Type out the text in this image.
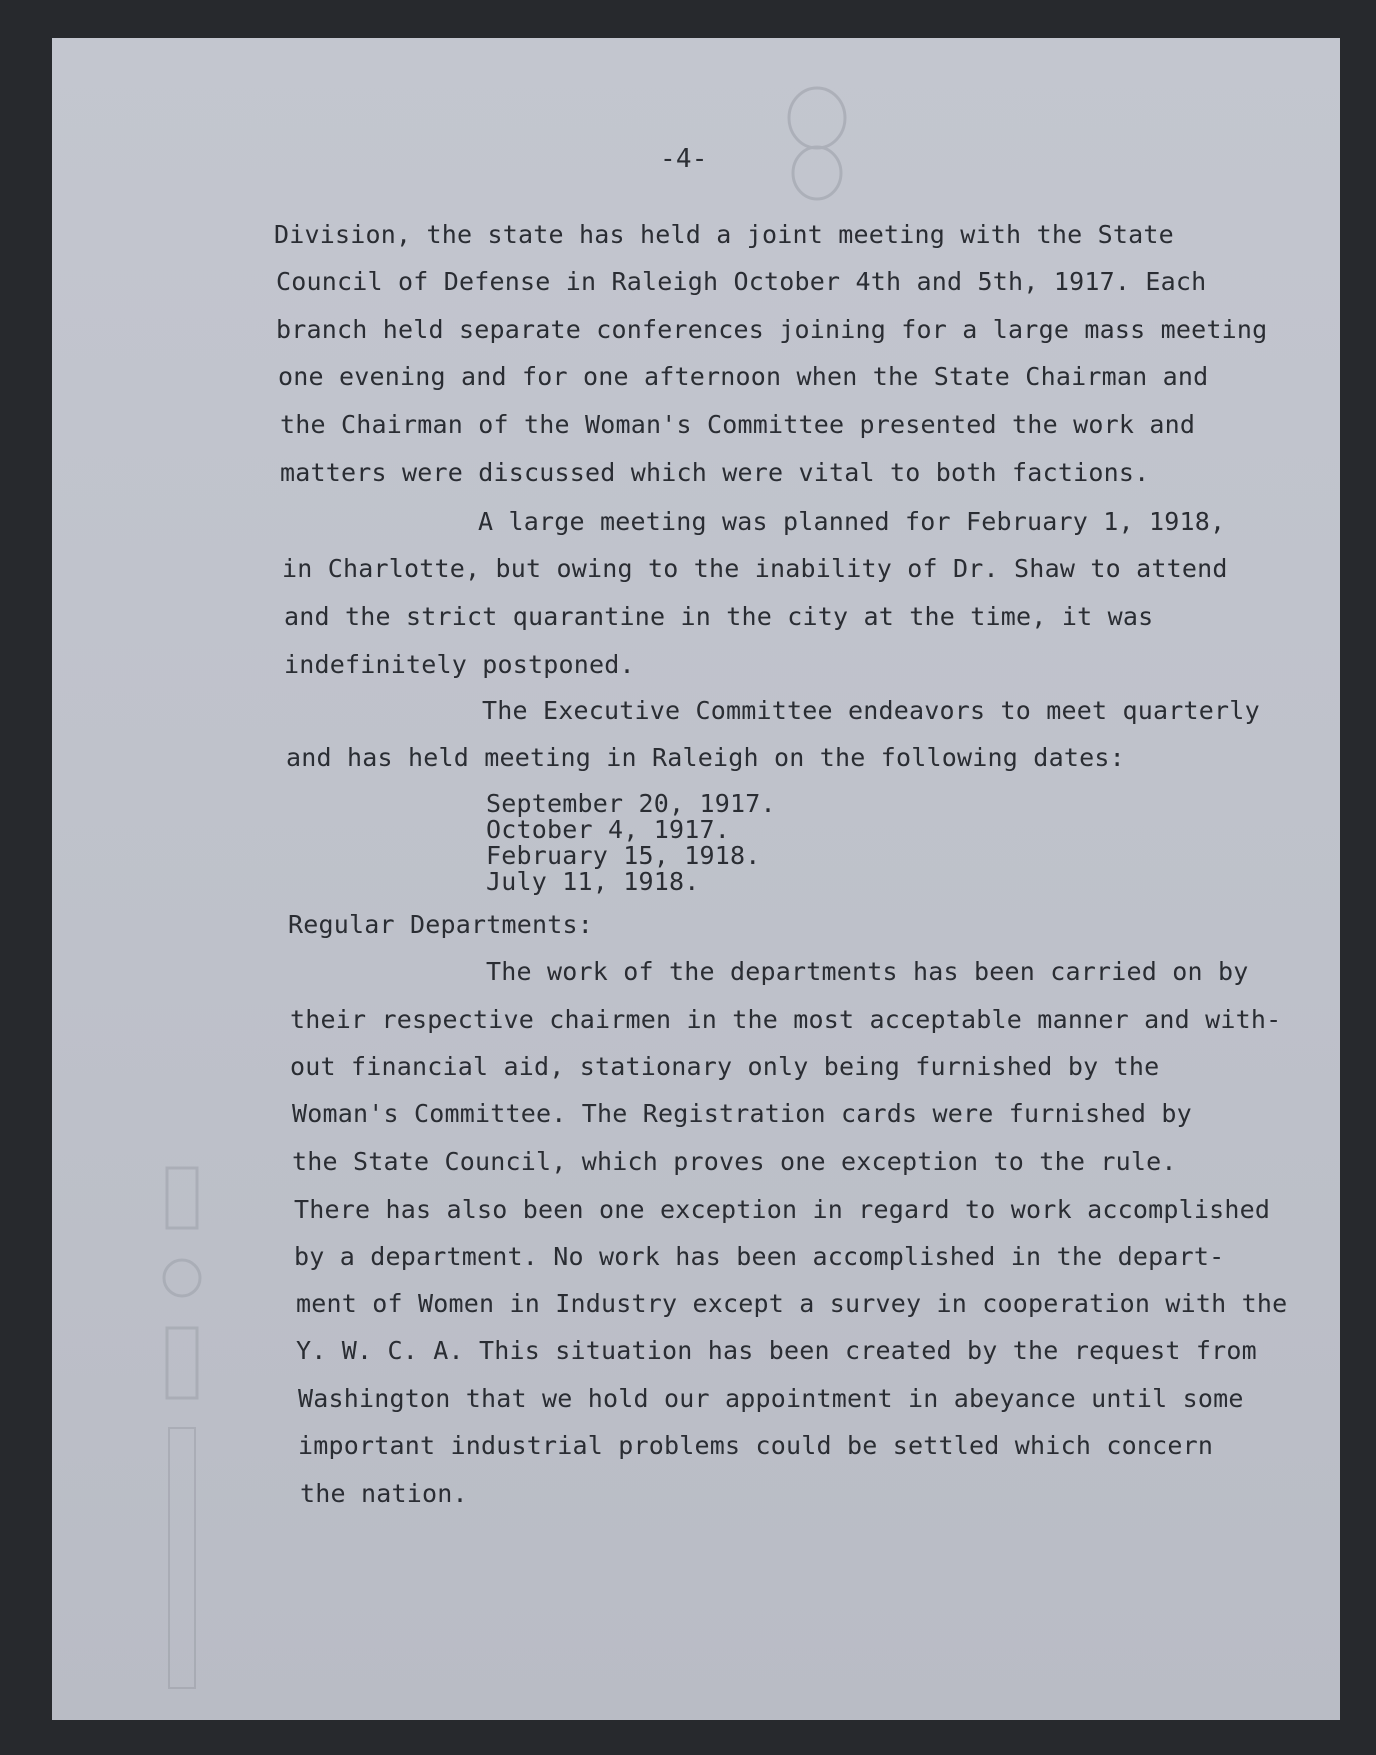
-4-
Division, the state has held a joint meeting with the State
Council of Defense in Raleigh October 4th and 5th, 1917. Each
branch held separate conferences joining for a large mass meeting
one evening and for one afternoon when the State Chairman and
the Chairman of the Woman's Committee presented the work and
matters were discussed which were vital to both factions.
A large meeting was planned for February 1, 1918,
in Charlotte, but owing to the inability of Dr. Shaw to attend
and the strict quarantine in the city at the time, it was
indefinitely postponed.
The Executive Committee endeavors to meet quarterly
and has held meeting in Raleigh on the following dates:
September 20, 1917.
October 4, 1917.
February 15, 1918.
July 11, 1918.
Regular Departments:
The work of the departments has been carried on by
their respective chairmen in the most acceptable manner and with-
out financial aid, stationary only being furnished by the
Woman's Committee. The Registration cards were furnished by
the State Council, which proves one exception to the rule.
There has also been one exception in regard to work accomplished
by a department. No work has been accomplished in the depart-
ment of Women in Industry except a survey in cooperation with the
Y. W. C. A. This situation has been created by the request from
Washington that we hold our appointment in abeyance until some
important industrial problems could be settled which concern
the nation.
